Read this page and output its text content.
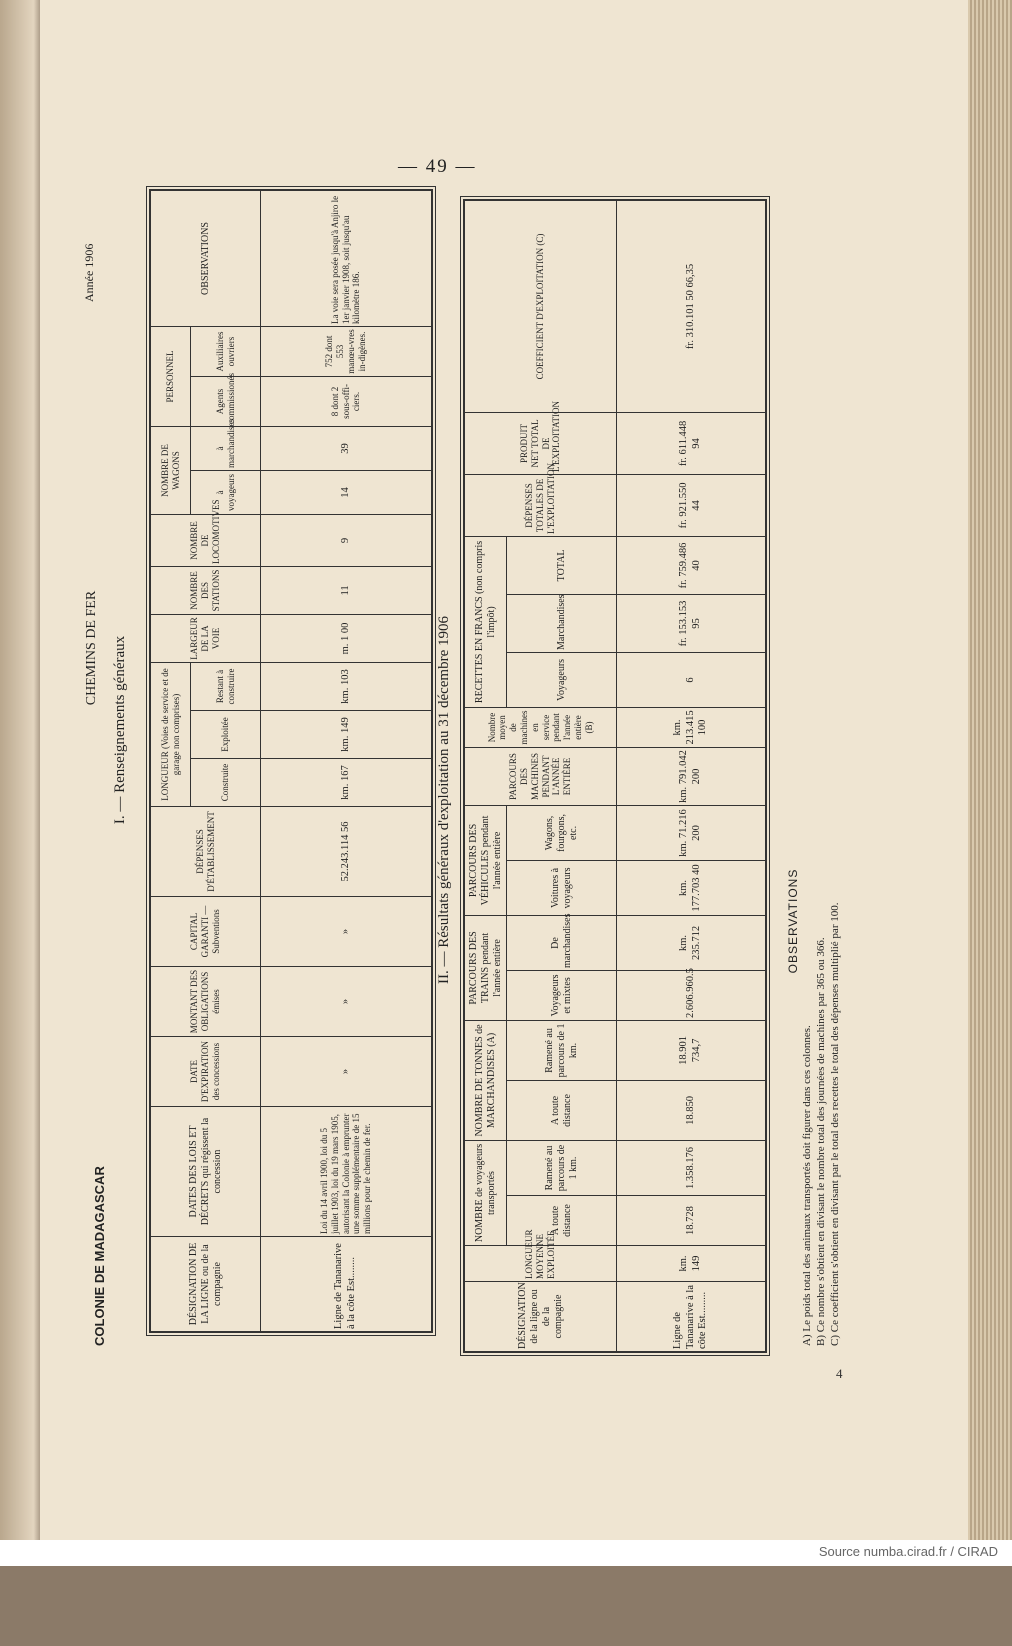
— 49 —
COLONIE DE MADAGASCAR
CHEMINS DE FER
Année 1906
I. — Renseignements généraux
DÉSIGNATION DE LA LIGNE ou de la compagnie	DATES DES LOIS ET DÉCRETS qui régissent la concession	DATE D'EXPIRATION des concessions	MONTANT DES OBLIGATIONS émises	CAPITAL GARANTI — Subventions	DÉPENSES D'ÉTABLISSEMENT	LONGUEUR (Voies de service et de garage non comprises)			LARGEUR DE LA VOIE	NOMBRE DES STATIONS	NOMBRE DE LOCOMOTIVES	NOMBRE DE WAGONS		PERSONNEL		OBSERVATIONS
						Construite	Exploitée	Restant à construire				à voyageurs	à marchandises	Agents commissionés	Auxiliaires ouvriers	
Ligne de Tananarive à la côte Est........	Loi du 14 avril 1900, loi du 5 juillet 1903, loi du 19 mars 1905, autorisant la Colonie à emprunter une somme supplémentaire de 15 millions pour le chemin de fer.	»	»	»	52.243.114 56	km. 167	km. 149	km. 103	m. 1 00	11	9	14	39	8 dont 2 sous-offi-ciers.	752 dont 553 manœu-vres in-digènes.	La voie sera posée jusqu'à Anjiro le 1er janvier 1908, soit jusqu'au kilomètre 186.
II. — Résultats généraux d'exploitation au 31 décembre 1906
DÉSIGNATION de la ligne ou de la compagnie	LONGUEUR MOYENNE EXPLOITÉE	NOMBRE de voyageurs transportés		NOMBRE DE TONNES de MARCHANDISES (A)		PARCOURS DES TRAINS pendant l'année entière		PARCOURS DES VÉHICULES pendant l'année entière		PARCOURS DES MACHINES PENDANT L'ANNÉE ENTIÈRE	Nombre moyen de machines en service pendant l'année entière (B)	RECETTES EN FRANCS (non compris l'impôt)			DÉPENSES TOTALES DE L'EXPLOITATION	PRODUIT NET TOTAL DE L'EXPLOITATION	COEFFICIENT D'EXPLOITATION (C)
		A toute distance	Ramené au parcours de 1 km.	A toute distance	Ramené au parcours de 1 km.	Voyageurs et mixtes	De marchandises	Voitures à voyageurs	Wagons, fourgons, etc.			Voyageurs	Marchandises	TOTAL			
Ligne de Tananarive à la côte Est.........	km. 149	18.728	1.358.176	18.850	18.901 734,7	2.606.960.5	km. 235.712	km. 177.703 40	km. 71.216 200	km. 791.042 200	km. 213.415 100	6	fr. 153.153 95	fr. 759.486 40	fr. 921.550 44	fr. 611.448 94	fr. 310.101 50 66,35
OBSERVATIONS
A) Le poids total des animaux transportés doit figurer dans ces colonnes. B) Ce nombre s'obtient en divisant le nombre total des journées de machines par 365 ou 366. C) Ce coefficient s'obtient en divisant par le total des recettes le total des dépenses multiplié par 100.
4
Source numba.cirad.fr / CIRAD
